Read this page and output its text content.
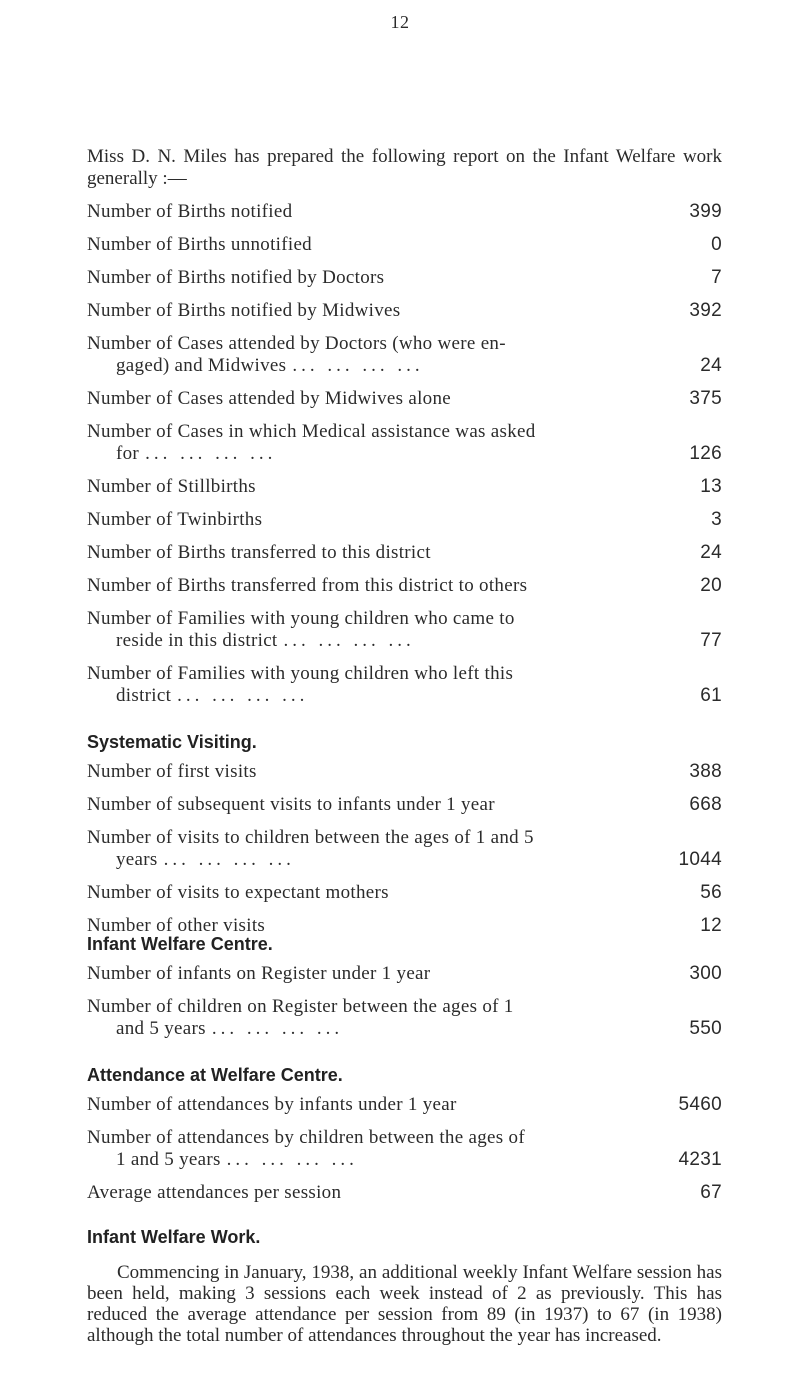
12
Miss D. N. Miles has prepared the following report on the Infant Welfare work generally :—
Number of Births notified	399
Number of Births unnotified	0
Number of Births notified by Doctors	7
Number of Births notified by Midwives	392
Number of Cases attended by Doctors (who were en-
gaged) and Midwives ... ... ... ...	24
Number of Cases attended by Midwives alone	375
Number of Cases in which Medical assistance was asked
for ... ... ... ...	126
Number of Stillbirths	13
Number of Twinbirths	3
Number of Births transferred to this district	24
Number of Births transferred from this district to others	20
Number of Families with young children who came to
reside in this district ... ... ... ...	77
Number of Families with young children who left this
district ... ... ... ...	61
Systematic Visiting.
Number of first visits	388
Number of subsequent visits to infants under 1 year	668
Number of visits to children between the ages of 1 and 5
years ... ... ... ...	1044
Number of visits to expectant mothers	56
Number of other visits	12
Infant Welfare Centre.
Number of infants on Register under 1 year	300
Number of children on Register between the ages of 1
and 5 years ... ... ... ...	550
Attendance at Welfare Centre.
Number of attendances by infants under 1 year	5460
Number of attendances by children between the ages of
1 and 5 years ... ... ... ...	4231
Average attendances per session	67
Infant Welfare Work.
Commencing in January, 1938, an additional weekly Infant Welfare session has been held, making 3 sessions each week instead of 2 as previously. This has reduced the average attendance per session from 89 (in 1937) to 67 (in 1938) although the total number of attendances throughout the year has increased.
